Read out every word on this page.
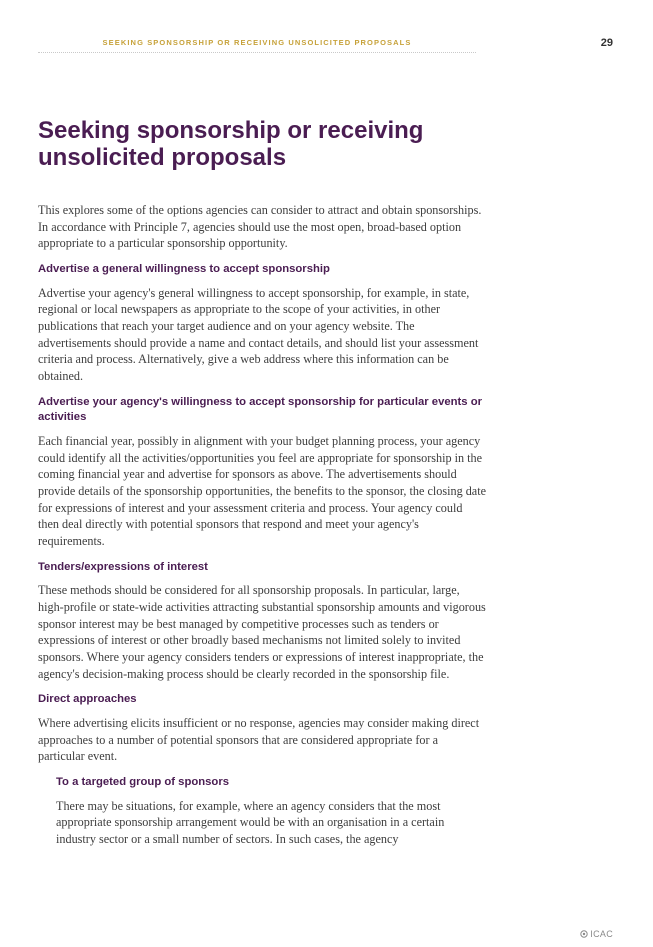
SEEKING SPONSORSHIP OR RECEIVING UNSOLICITED PROPOSALS	29
Seeking sponsorship or receiving unsolicited proposals

This explores some of the options agencies can consider to attract and obtain sponsorships. In accordance with Principle 7, agencies should use the most open, broad-based option appropriate to a particular sponsorship opportunity.

Advertise a general willingness to accept sponsorship

Advertise your agency's general willingness to accept sponsorship, for example, in state, regional or local newspapers as appropriate to the scope of your activities, in other publications that reach your target audience and on your agency website. The advertisements should provide a name and contact details, and should list your assessment criteria and process. Alternatively, give a web address where this information can be obtained.

Advertise your agency's willingness to accept sponsorship for particular events or activities

Each financial year, possibly in alignment with your budget planning process, your agency could identify all the activities/opportunities you feel are appropriate for sponsorship in the coming financial year and advertise for sponsors as above. The advertisements should provide details of the sponsorship opportunities, the benefits to the sponsor, the closing date for expressions of interest and your assessment criteria and process. Your agency could then deal directly with potential sponsors that respond and meet your agency's requirements.

Tenders/expressions of interest

These methods should be considered for all sponsorship proposals. In particular, large, high-profile or state-wide activities attracting substantial sponsorship amounts and vigorous sponsor interest may be best managed by competitive processes such as tenders or expressions of interest or other broadly based mechanisms not limited solely to invited sponsors. Where your agency considers tenders or expressions of interest inappropriate, the agency's decision-making process should be clearly recorded in the sponsorship file.

Direct approaches

Where advertising elicits insufficient or no response, agencies may consider making direct approaches to a number of potential sponsors that are considered appropriate for a particular event.

To a targeted group of sponsors

There may be situations, for example, where an agency considers that the most appropriate sponsorship arrangement would be with an organisation in a certain industry sector or a small number of sectors. In such cases, the agency

ICAC
